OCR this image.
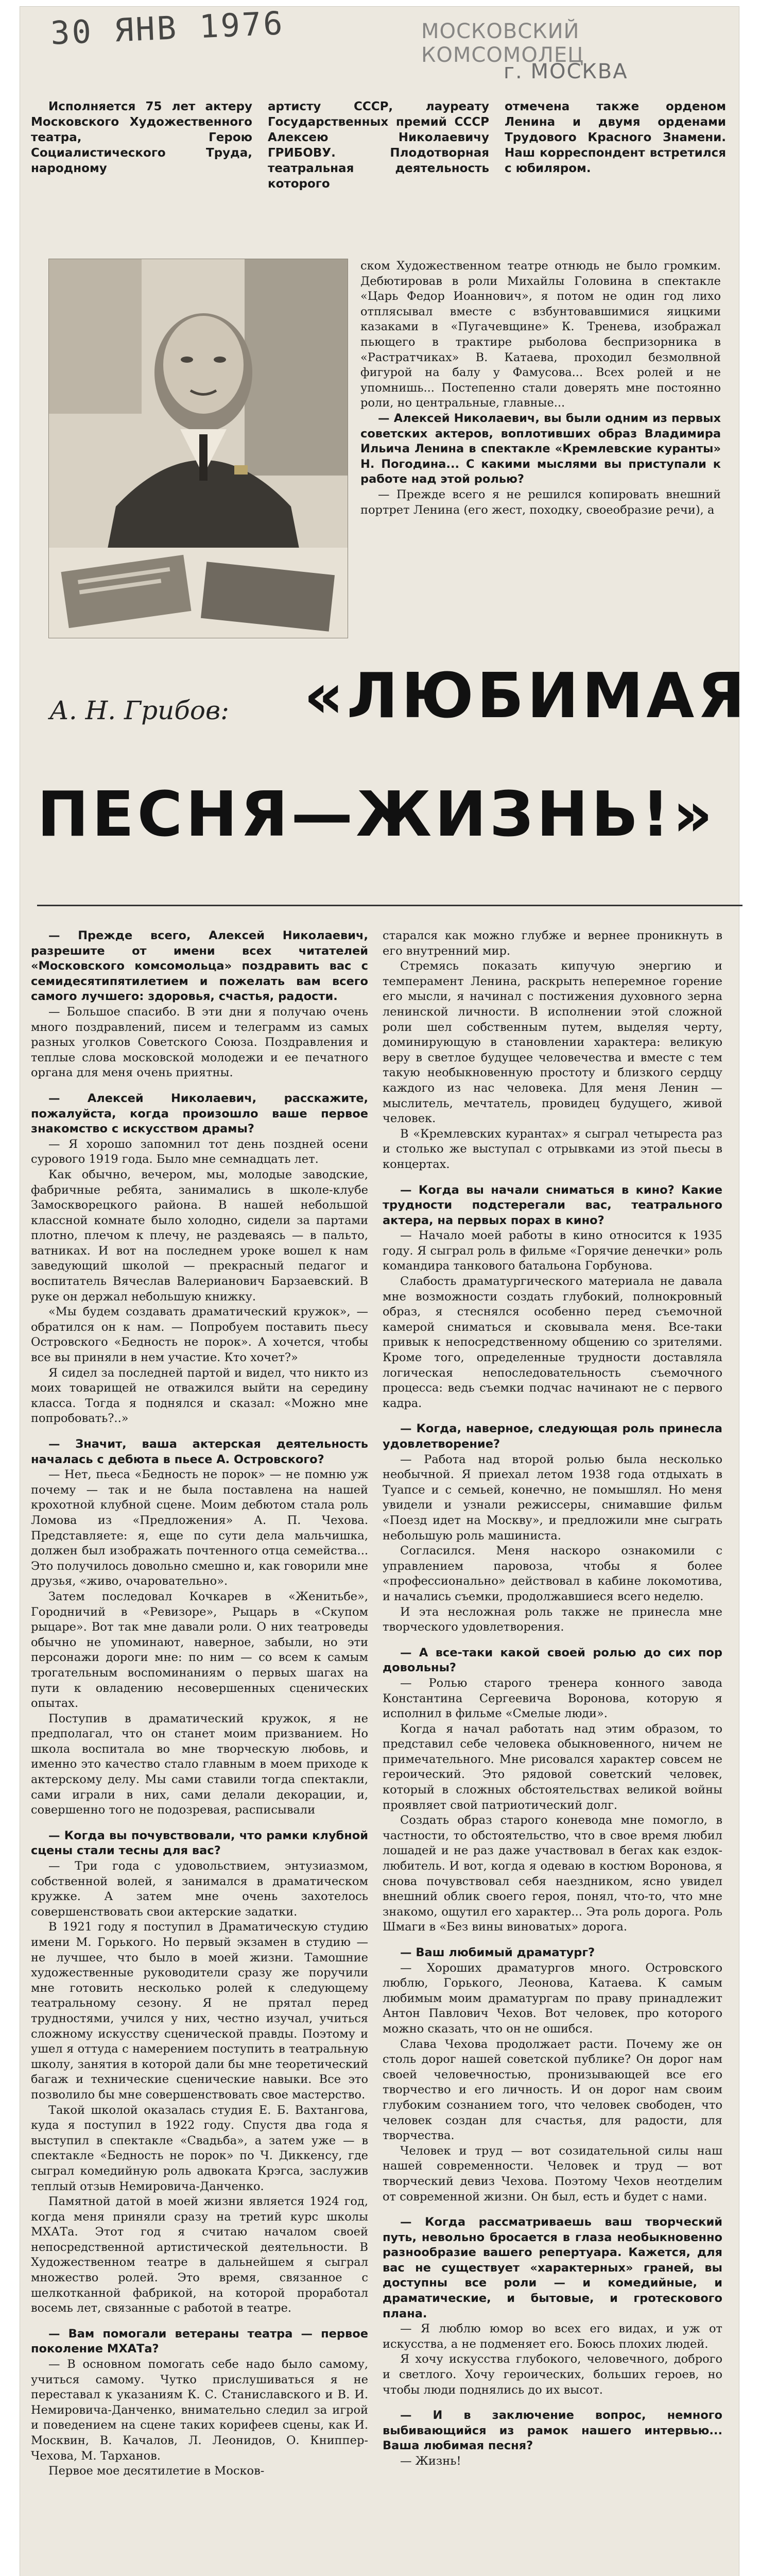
30 ЯНВ 1976	МОСКОВСКИЙ КОМСОМОЛЕЦ
г. МОСКВА

Исполняется 75 лет актеру Московского Художественного театра, Герою Социалистического Труда, народному

артисту СССР, лауреату Государственных премий СССР Алексею Николаевичу ГРИБОВУ. Плодотворная театральная деятельность которого

отмечена также орденом Ленина и двумя орденами Трудового Красного Знамени. Наш корреспондент встретился с юбиляром.

ском Художественном театре отнюдь не было громким. Дебютировав в роли Михайлы Головина в спектакле «Царь Федор Иоаннович», я потом не один год лихо отплясывал вместе с взбунтовавшимися яицкими казаками в «Пугачевщине» К. Тренева, изображал пьющего в трактире рыболова беспризорника в «Растратчиках» В. Катаева, проходил безмолвной фигурой на балу у Фамусова... Всех ролей и не упомнишь... Постепенно стали доверять мне постоянно роли, но центральные, главные...

— Алексей Николаевич, вы были одним из первых советских актеров, воплотивших образ Владимира Ильича Ленина в спектакле «Кремлевские куранты» Н. Погодина... С какими мыслями вы приступали к работе над этой ролью?

— Прежде всего я не решился копировать внешний портрет Ленина (его жест, походку, своеобразие речи), а

А. Н. Грибов: «ЛЮБИМАЯ
ПЕСНЯ—ЖИЗНЬ!»

— Прежде всего, Алексей Николаевич, разрешите от имени всех читателей «Московского комсомольца» поздравить вас с семидесятипятилетием и пожелать вам всего самого лучшего: здоровья, счастья, радости.

— Большое спасибо. В эти дни я получаю очень много поздравлений, писем и телеграмм из самых разных уголков Советского Союза. Поздравления и теплые слова московской молодежи и ее печатного органа для меня очень приятны.

— Алексей Николаевич, расскажите, пожалуйста, когда произошло ваше первое знакомство с искусством драмы?

— Я хорошо запомнил тот день поздней осени сурового 1919 года. Было мне семнадцать лет.

Как обычно, вечером, мы, молодые заводские, фабричные ребята, занимались в школе-клубе Замоскворецкого района. В нашей небольшой классной комнате было холодно, сидели за партами плотно, плечом к плечу, не раздеваясь — в пальто, ватниках. И вот на последнем уроке вошел к нам заведующий школой — прекрасный педагог и воспитатель Вячеслав Валерианович Барзаевский. В руке он держал небольшую книжку.

«Мы будем создавать драматический кружок», — обратился он к нам. — Попробуем поставить пьесу Островского «Бедность не порок». А хочется, чтобы все вы приняли в нем участие. Кто хочет?»

Я сидел за последней партой и видел, что никто из моих товарищей не отважился выйти на середину класса. Тогда я поднялся и сказал: «Можно мне попробовать?..»

— Значит, ваша актерская деятельность началась с дебюта в пьесе А. Островского?

— Нет, пьеса «Бедность не порок» — не помню уж почему — так и не была поставлена на нашей крохотной клубной сцене. Моим дебютом стала роль Ломова из «Предложения» А. П. Чехова. Представляете: я, еще по сути дела мальчишка, должен был изображать почтенного отца семейства... Это получилось довольно смешно и, как говорили мне друзья, «живо, очаровательно».

Затем последовал Кочкарев в «Женитьбе», Городничий в «Ревизоре», Рыцарь в «Скупом рыцаре». Вот так мне давали роли. О них театроведы обычно не упоминают, наверное, забыли, но эти персонажи дороги мне: по ним — со всем к самым трогательным воспоминаниям о первых шагах на пути к овладению несовершенных сценических опытах.

Поступив в драматический кружок, я не предполагал, что он станет моим призванием. Но школа воспитала во мне творческую любовь, и именно это качество стало главным в моем приходе к актерскому делу. Мы сами ставили тогда спектакли, сами играли в них, сами делали декорации, и, совершенно того не подозревая, расписывали

— Когда вы почувствовали, что рамки клубной сцены стали тесны для вас?

— Три года с удовольствием, энтузиазмом, собственной волей, я занимался в драматическом кружке. А затем мне очень захотелось совершенствовать свои актерские задатки.

В 1921 году я поступил в Драматическую студию имени М. Горького. Но первый экзамен в студию — не лучшее, что было в моей жизни. Тамошние художественные руководители сразу же поручили мне готовить несколько ролей к следующему театральному сезону. Я не прятал перед трудностями, учился у них, честно изучал, учиться сложному искусству сценической правды. Поэтому и ушел я оттуда с намерением поступить в театральную школу, занятия в которой дали бы мне теоретический багаж и технические сценические навыки. Все это позволило бы мне совершенствовать свое мастерство.

Такой школой оказалась студия Е. Б. Вахтангова, куда я поступил в 1922 году. Спустя два года я выступил в спектакле «Свадьба», а затем уже — в спектакле «Бедность не порок» по Ч. Диккенсу, где сыграл комедийную роль адвоката Крэгса, заслужив теплый отзыв Немировича-Данченко.

Памятной датой в моей жизни является 1924 год, когда меня приняли сразу на третий курс школы МХАТа. Этот год я считаю началом своей непосредственной артистической деятельности. В Художественном театре в дальнейшем я сыграл множество ролей. Это время, связанное с шелкотканной фабрикой, на которой проработал восемь лет, связанные с работой в театре.

— Вам помогали ветераны театра — первое поколение МХАТа?

— В основном помогать себе надо было самому, учиться самому. Чутко прислушиваться я не переставал к указаниям К. С. Станиславского и В. И. Немировича-Данченко, внимательно следил за игрой и поведением на сцене таких корифеев сцены, как И. Москвин, В. Качалов, Л. Леонидов, О. Книппер-Чехова, М. Тарханов.

Первое мое десятилетие в Москов-

старался как можно глубже и вернее проникнуть в его внутренний мир.

Стремясь показать кипучую энергию и темперамент Ленина, раскрыть неперемное горение его мысли, я начинал с постижения духовного зерна ленинской личности. В исполнении этой сложной роли шел собственным путем, выделяя черту, доминирующую в становлении характера: великую веру в светлое будущее человечества и вместе с тем такую необыкновенную простоту и близкого сердцу каждого из нас человека. Для меня Ленин — мыслитель, мечтатель, провидец будущего, живой человек.

В «Кремлевских курантах» я сыграл четыреста раз и столько же выступал с отрывками из этой пьесы в концертах.

— Когда вы начали сниматься в кино? Какие трудности подстерегали вас, театрального актера, на первых порах в кино?

— Начало моей работы в кино относится к 1935 году. Я сыграл роль в фильме «Горячие денечки» роль командира танкового батальона Горбунова.

Слабость драматургического материала не давала мне возможности создать глубокий, полнокровный образ, я стеснялся особенно перед съемочной камерой сниматься и сковывала меня. Все-таки привык к непосредственному общению со зрителями. Кроме того, определенные трудности доставляла логическая непоследовательность съемочного процесса: ведь съемки подчас начинают не с первого кадра.

— Когда, наверное, следующая роль принесла удовлетворение?

— Работа над второй ролью была несколько необычной. Я приехал летом 1938 года отдыхать в Туапсе и с семьей, конечно, не помышлял. Но меня увидели и узнали режиссеры, снимавшие фильм «Поезд идет на Москву», и предложили мне сыграть небольшую роль машиниста.

Согласился. Меня наскоро ознакомили с управлением паровоза, чтобы я более «профессионально» действовал в кабине локомотива, и начались съемки, продолжавшиеся всего неделю.

И эта несложная роль также не принесла мне творческого удовлетворения.

— А все-таки какой своей ролью до сих пор довольны?

— Ролью старого тренера конного завода Константина Сергеевича Воронова, которую я исполнил в фильме «Смелые люди».

Когда я начал работать над этим образом, то представил себе человека обыкновенного, ничем не примечательного. Мне рисовался характер совсем не героический. Это рядовой советский человек, который в сложных обстоятельствах великой войны проявляет свой патриотический долг.

Создать образ старого коневода мне помогло, в частности, то обстоятельство, что в свое время любил лошадей и не раз даже участвовал в бегах как ездок-любитель. И вот, когда я одеваю в костюм Воронова, я снова почувствовал себя наездником, ясно увидел внешний облик своего героя, понял, что-то, что мне знакомо, ощутил его характер... Эта роль дорога. Роль Шмаги в «Без вины виноватых» дорога.

— Ваш любимый драматург?

— Хороших драматургов много. Островского люблю, Горького, Леонова, Катаева. К самым любимым моим драматургам по праву принадлежит Антон Павлович Чехов. Вот человек, про которого можно сказать, что он не ошибся.

Слава Чехова продолжает расти. Почему же он столь дорог нашей советской публике? Он дорог нам своей человечностью, пронизывающей все его творчество и его личность. И он дорог нам своим глубоким сознанием того, что человек свободен, что человек создан для счастья, для радости, для творчества.

Человек и труд — вот созидательной силы наш нашей современности. Человек и труд — вот творческий девиз Чехова. Поэтому Чехов неотделим от современной жизни. Он был, есть и будет с нами.

— Когда рассматриваешь ваш творческий путь, невольно бросается в глаза необыкновенно разнообразие вашего репертуара. Кажется, для вас не существует «характерных» граней, вы доступны все роли — и комедийные, и драматические, и бытовые, и гротескового плана.

— Я люблю юмор во всех его видах, и уж от искусства, а не подменяет его. Боюсь плохих людей.

Я хочу искусства глубокого, человечного, доброго и светлого. Хочу героических, больших героев, но чтобы люди поднялись до их высот.

— И в заключение вопрос, немного выбивающийся из рамок нашего интервью... Ваша любимая песня?

— Жизнь!
